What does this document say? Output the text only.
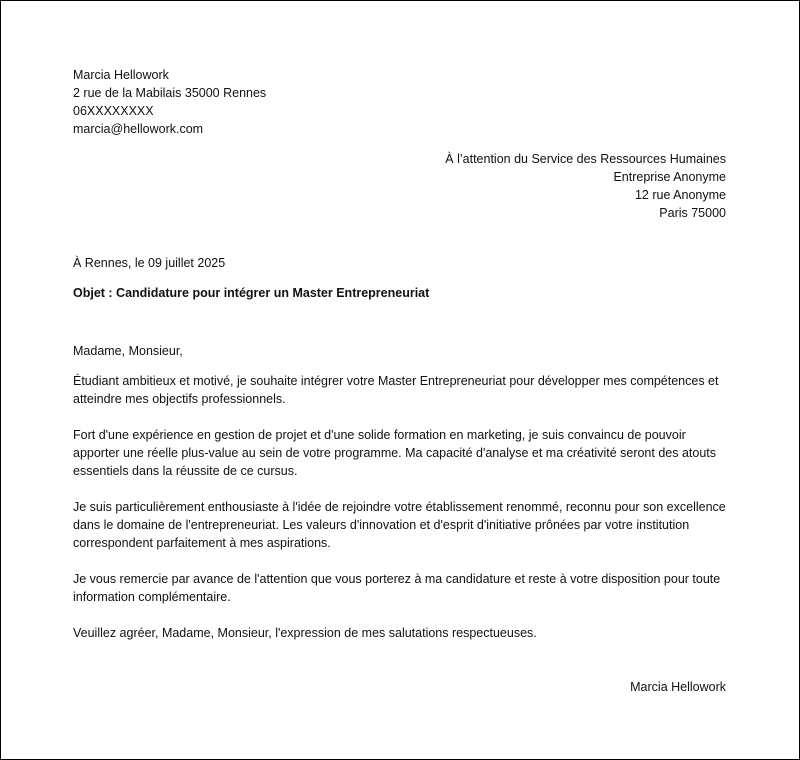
Marcia Hellowork
2 rue de la Mabilais 35000 Rennes
06XXXXXXXX
marcia@hellowork.com
À l’attention du Service des Ressources Humaines
Entreprise Anonyme
12 rue Anonyme
Paris 75000
À Rennes, le 09 juillet 2025
Objet : Candidature pour intégrer un Master Entrepreneuriat
Madame, Monsieur,

Étudiant ambitieux et motivé, je souhaite intégrer votre Master Entrepreneuriat pour développer mes compétences et atteindre mes objectifs professionnels.

Fort d'une expérience en gestion de projet et d'une solide formation en marketing, je suis convaincu de pouvoir apporter une réelle plus-value au sein de votre programme. Ma capacité d'analyse et ma créativité seront des atouts essentiels dans la réussite de ce cursus.

Je suis particulièrement enthousiaste à l'idée de rejoindre votre établissement renommé, reconnu pour son excellence dans le domaine de l'entrepreneuriat. Les valeurs d'innovation et d'esprit d'initiative prônées par votre institution correspondent parfaitement à mes aspirations.

Je vous remercie par avance de l'attention que vous porterez à ma candidature et reste à votre disposition pour toute information complémentaire.

Veuillez agréer, Madame, Monsieur, l'expression de mes salutations respectueuses.

Marcia Hellowork
